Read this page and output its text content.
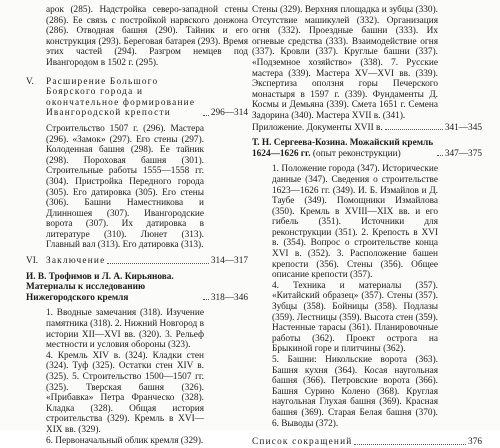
арок (285). Надстройка северо-западной стены (286). Ее связь с постройкой нарвского донжона (286). Отводная башня (290). Тайник и его конструкция (293). Береговая батарея (293). Время этих частей (294). Разгром немцев под Ивангородом в 1502 г. (295).
V.	Расширение Большого Боярского города и окончательное формирование Ивангородской крепости	296—314
Строительство 1507 г. (296). Мастера (296). «Замок» (297). Его стены (297). Колоденная башня (298). Ее тайник (298). Пороховая башня (301). Строительные работы 1555—1558 гг. (304). Пристройка Передного города (305). Его датировка (305). Его стены (306). Башни Наместникова и Длинношея (307). Ивангородские ворота (307). Их датировка в литературе (310). Люнет (313). Главный вал (313). Его датировка (313).
VI. Заключение	314—317
И. В. Трофимов и Л. А. Кирьянова. Материалы к исследованию Нижегородского кремля	318—346
1. Вводные замечания (318). Изучение памятника (318). 2. Нижний Новгород в истории XII—XVI вв. (320). 3. Рельеф местности и условия обороны (323).
4. Кремль XIV в. (324). Кладки стен (324). Туф (325). Остатки стен XIV в. (325). 5. Строительство 1500—1507 гг. (325). Тверская башня (326). «Прибавка» Петра Франческо (328). Кладка (328). Общая история строительства (329). Кремль в XVI—XIX вв. (329).
6. Первоначальный облик кремля (329).
Стены (329). Верхняя площадка и зубцы (330). Отсутствие машикулей (332). Организация огня (332). Проездные башни (333). Их огневые средства (333). Взаимодействие огня (337). Кровли (337). Круглые башни (337). «Подземное хозяйство» (338). 7. Русские мастера (339). Мастера XV—XVI вв. (339). Экспертиза оползня горы Печерского монастыря в 1597 г. (339). Фундаменты Д. Космы и Демьяна (339). Смета 1651 г. Семена Задорина (340). Мастера XVII в. (341).
Приложение. Документы XVII в.	341—345
Т. Н. Сергеева-Козина. Можайский кремль 1624—1626 гг. (опыт реконструкции)	347—375
1. Положение города (347). Исторические данные (347). Сведения о строительстве 1623—1626 гг. (349). И. Б. Измайлов и Д. Таубе (349). Помощники Измайлова (350). Кремль в XVIII—XIX вв. и его гибель (351). Источники для реконструкции (351). 2. Крепость в XVI в. (354). Вопрос о строительстве конца XVI в. (352). 3. Расположение башен крепости (356). Стены (356). Общее описание крепости (357).
4. Техника и материалы (357). «Китайский образец» (357). Стены (357). Зубцы (358). Бойницы (358). Подлазы (359). Лестницы (359). Высота стен (359). Настенные тарасы (361). Планировочные работы (362). Проект острога на Брыкиной горе и плитчины (362).
5. Башни: Никольские ворота (363). Башня кухня (364). Косая наугольная башня (366). Петровские ворота (366). Башня Сурино Колено (368). Круглая наугольная Глухая башня (369). Красная башня (369). Старая Белая башня (370). 6. Выводы (372).
Список сокращений	376
